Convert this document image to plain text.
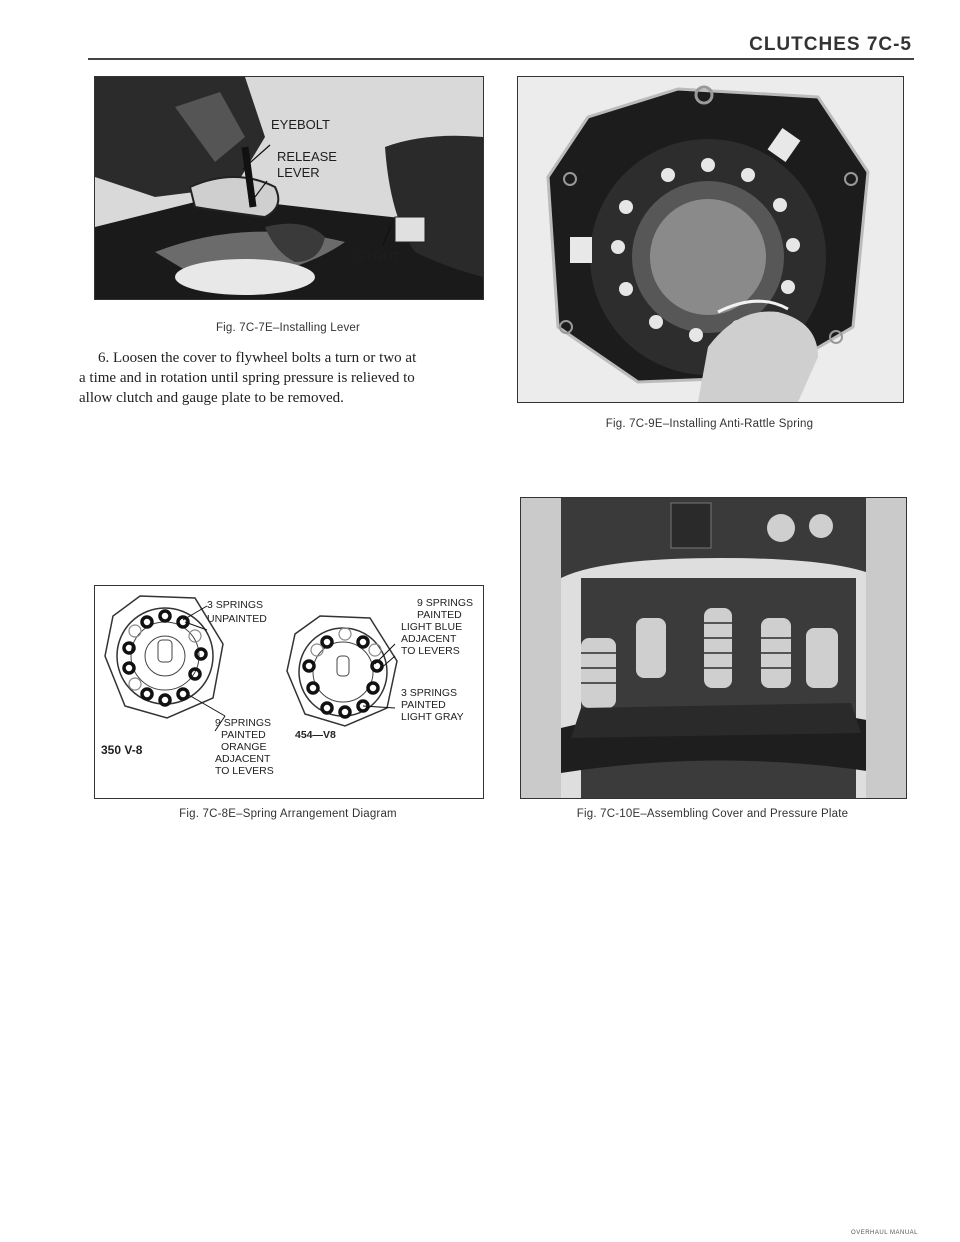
CLUTCHES 7C-5
EYEBOLT
RELEASE
LEVER
STRUT
Fig. 7C-7E–Installing Lever
6. Loosen the cover to flywheel bolts a turn or two at
a time and in rotation until spring pressure is relieved to
allow clutch and gauge plate to be removed.
Fig. 7C-9E–Installing Anti-Rattle Spring
3 SPRINGS
UNPAINTED
9 SPRINGS
PAINTED
ORANGE
ADJACENT
TO LEVERS
350 V-8
9 SPRINGS
PAINTED
LIGHT BLUE
ADJACENT
TO LEVERS
3 SPRINGS
PAINTED
LIGHT GRAY
454—V8
Fig. 7C-8E–Spring Arrangement Diagram	Fig. 7C-10E–Assembling Cover and Pressure Plate
OVERHAUL MANUAL
